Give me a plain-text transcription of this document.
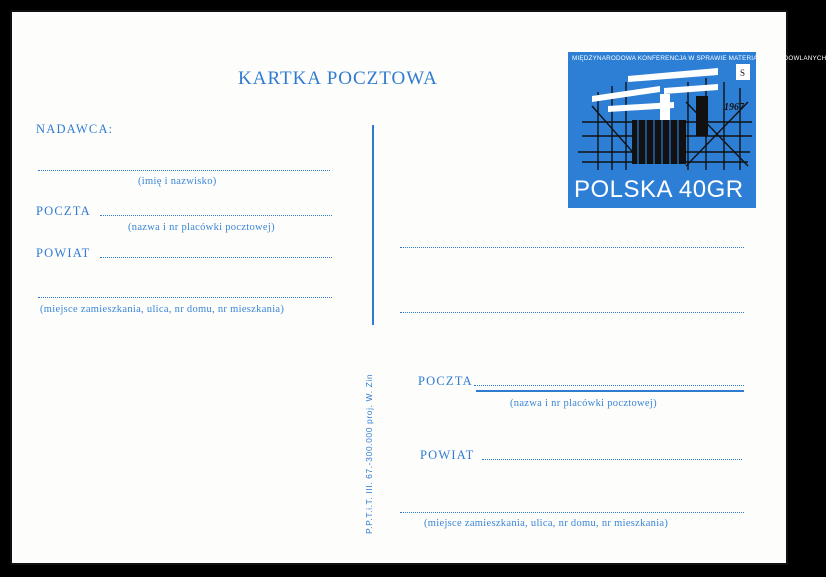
KARTKA POCZTOWA
NADAWCA:
(imię i nazwisko)
POCZTA
(nazwa i nr placówki pocztowej)
POWIAT
(miejsce zamieszkania, ulica, nr domu, nr mieszkania)
P.P.T.i.T. III. 67.-300.000 proj. W. Zin
MIĘDZYNARODOWA KONFERENCJA W SPRAWIE MATERIAŁÓW BUDOWLANYCH
S
1967
POLSKA 40GR
POCZTA
(nazwa i nr placówki pocztowej)
POWIAT
(miejsce zamieszkania, ulica, nr domu, nr mieszkania)
